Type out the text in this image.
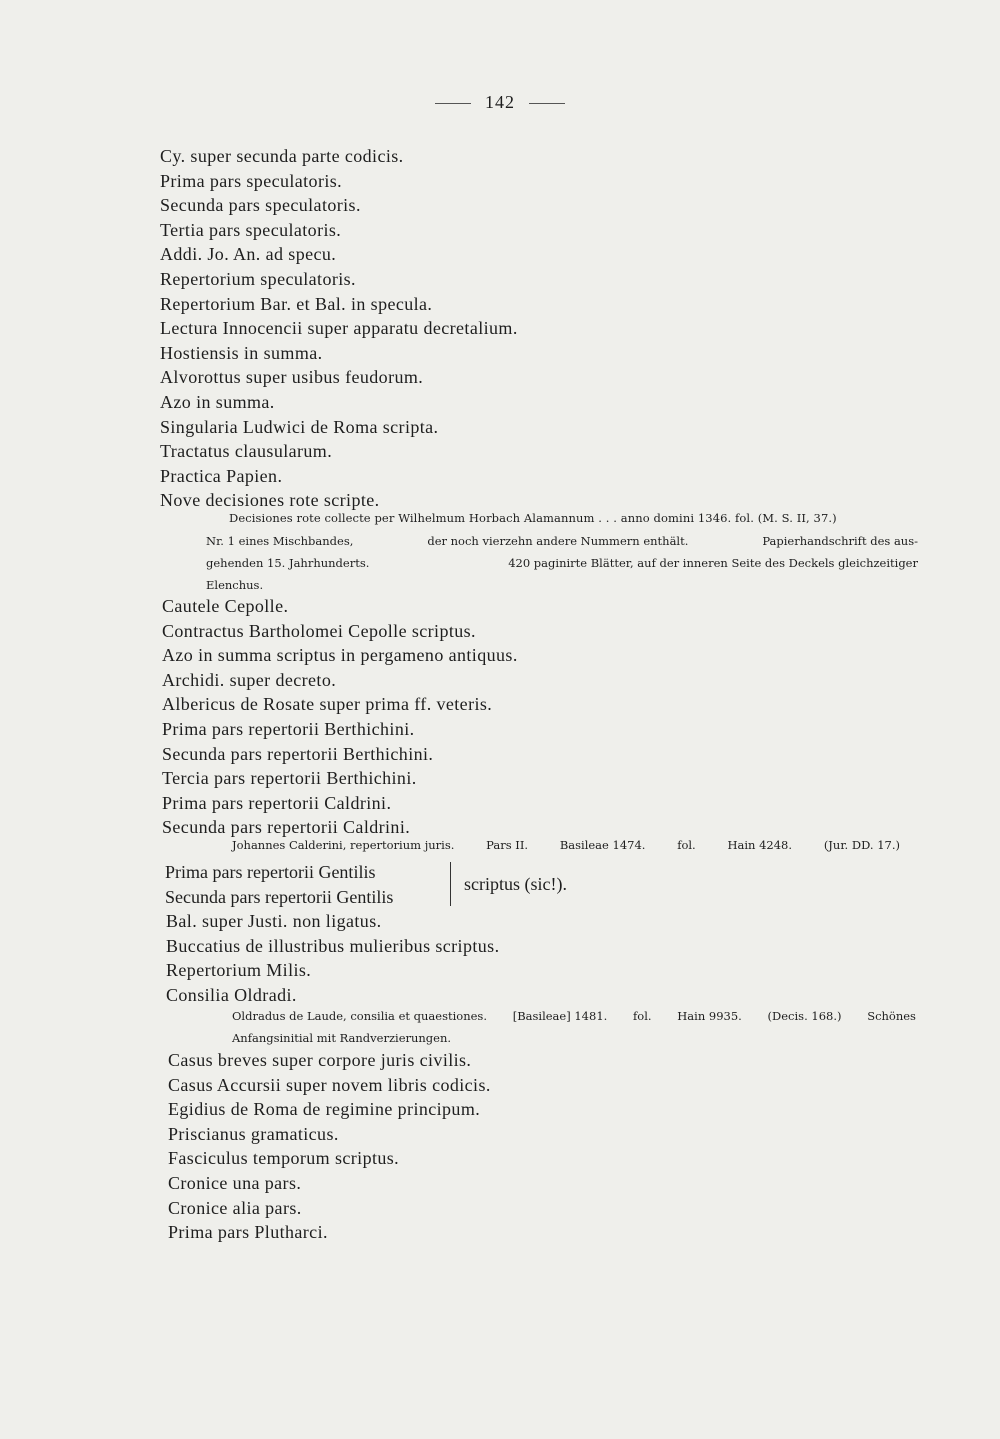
142
Cy. super secunda parte codicis.
Prima pars speculatoris.
Secunda pars speculatoris.
Tertia pars speculatoris.
Addi. Jo. An. ad specu.
Repertorium speculatoris.
Repertorium Bar. et Bal. in specula.
Lectura Innocencii super apparatu decretalium.
Hostiensis in summa.
Alvorottus super usibus feudorum.
Azo in summa.
Singularia Ludwici de Roma scripta.
Tractatus clausularum.
Practica Papien.
Nove decisiones rote scripte.
Decisiones rote collecte per Wilhelmum Horbach Alamannum . . . anno domini 1346. fol. (M. S. II, 37.)
Nr. 1 eines Mischbandes,	der noch vierzehn andere Nummern enthält.	Papierhandschrift des aus-
gehenden 15. Jahrhunderts.	420 paginirte Blätter, auf der inneren Seite des Deckels gleichzeitiger
Elenchus.
Cautele Cepolle.
Contractus Bartholomei Cepolle scriptus.
Azo in summa scriptus in pergameno antiquus.
Archidi. super decreto.
Albericus de Rosate super prima ff. veteris.
Prima pars repertorii Berthichini.
Secunda pars repertorii Berthichini.
Tercia pars repertorii Berthichini.
Prima pars repertorii Caldrini.
Secunda pars repertorii Caldrini.
Johannes Calderini, repertorium juris.	Pars II.	Basileae 1474.	fol.	Hain 4248.	(Jur. DD. 17.)
Prima pars repertorii Gentilis
Secunda pars repertorii Gentilis
scriptus (sic!).
Bal. super Justi. non ligatus.
Buccatius de illustribus mulieribus scriptus.
Repertorium Milis.
Consilia Oldradi.
Oldradus de Laude, consilia et quaestiones. [Basileae] 1481. fol. Hain 9935. (Decis. 168.) Schönes
Anfangsinitial mit Randverzierungen.
Casus breves super corpore juris civilis.
Casus Accursii super novem libris codicis.
Egidius de Roma de regimine principum.
Priscianus gramaticus.
Fasciculus temporum scriptus.
Cronice una pars.
Cronice alia pars.
Prima pars Plutharci.
